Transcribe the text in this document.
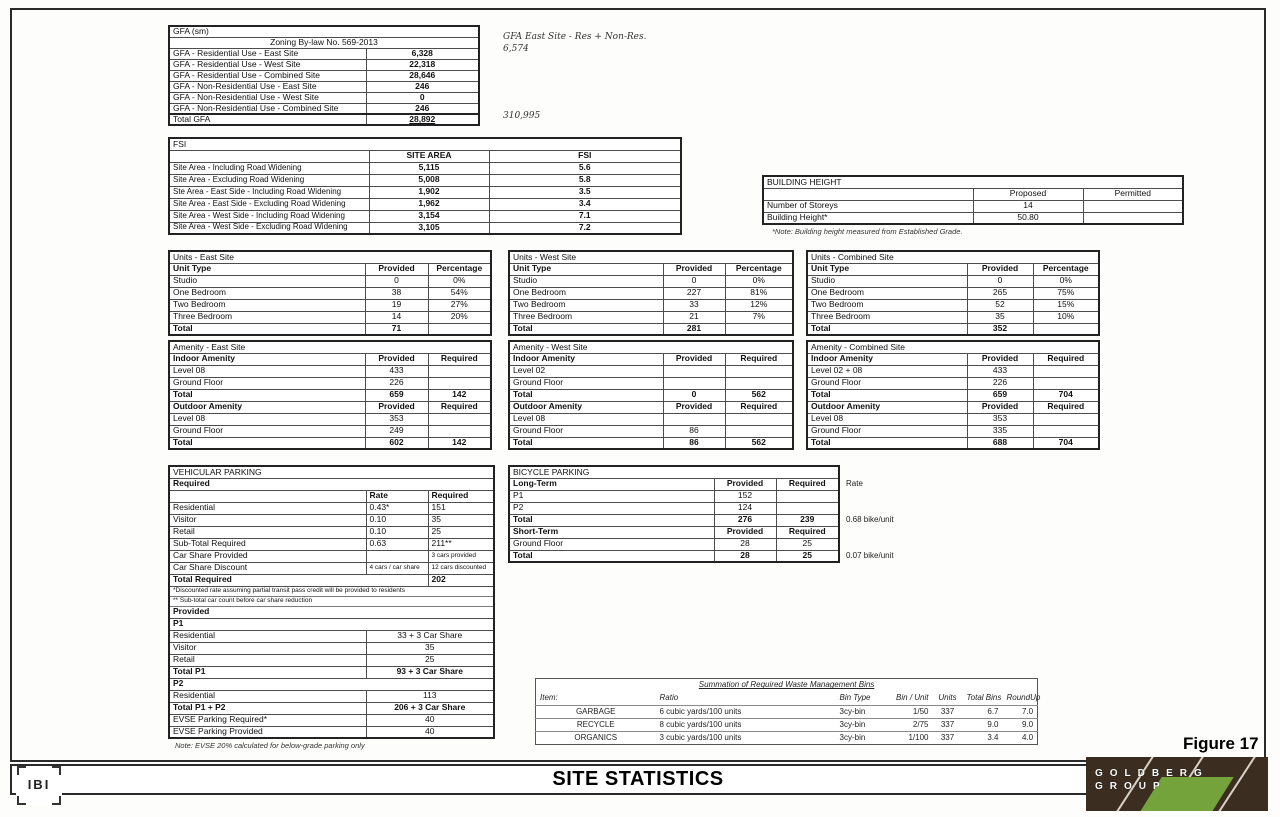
GFA (sm)	
Zoning By-law No. 569-2013	
GFA - Residential Use - East Site	6,328
GFA - Residential Use - West Site	22,318
GFA - Residential Use - Combined Site	28,646
GFA - Non-Residential Use - East Site	246
GFA - Non-Residential Use - West Site	0
GFA - Non-Residential Use - Combined Site	246
Total GFA	28,892
GFA East Site - Res + Non-Res.
6,574
310,995
FSI		
	SITE AREA	FSI
Site Area - Including Road Widening	5,115	5.6
Site Area - Excluding Road Widening	5,008	5.8
Ste Area - East Side - Including Road Widening	1,902	3.5
Site Area - East Side - Excluding Road Widening	1,962	3.4
Site Area - West Side - Including Road Widening	3,154	7.1
Site Area - West Side - Excluding Road Widening	3,105	7.2
BUILDING HEIGHT		
	Proposed	Permitted
Number of Storeys	14	
Building Height*	50.80	
*Note: Building height measured from Established Grade.
Units - East Site		
Unit Type	Provided	Percentage
Studio	0	0%
One Bedroom	38	54%
Two Bedroom	19	27%
Three Bedroom	14	20%
Total	71	
Units - West Site		
Unit Type	Provided	Percentage
Studio	0	0%
One Bedroom	227	81%
Two Bedroom	33	12%
Three Bedroom	21	7%
Total	281	
Units - Combined Site		
Unit Type	Provided	Percentage
Studio	0	0%
One Bedroom	265	75%
Two Bedroom	52	15%
Three Bedroom	35	10%
Total	352	
Amenity - East Site		
Indoor Amenity	Provided	Required
Level 08	433	
Ground Floor	226	
Total	659	142
Outdoor Amenity	Provided	Required
Level 08	353	
Ground Floor	249	
Total	602	142
Amenity - West Site		
Indoor Amenity	Provided	Required
Level 02		
Ground Floor		
Total	0	562
Outdoor Amenity	Provided	Required
Level 08		
Ground Floor	86	
Total	86	562
Amenity - Combined Site		
Indoor Amenity	Provided	Required
Level 02 + 08	433	
Ground Floor	226	
Total	659	704
Outdoor Amenity	Provided	Required
Level 08	353	
Ground Floor	335	
Total	688	704
VEHICULAR PARKING		
Required		
	Rate	Required
Residential	0.43*	151
Visitor	0.10	35
Retail	0.10	25
Sub-Total Required	0.63	211**
Car Share Provided		3 cars provided
Car Share Discount	4 cars / car share	12 cars discounted
Total Required		202
*Discounted rate assuming partial transit pass credit will be provided to residents		
** Sub-total car count before car share reduction		
Provided		
P1		
Residential	33 + 3 Car Share	
Visitor	35	
Retail	25	
Total P1	93 + 3 Car Share	
P2		
Residential	113	
Total P1 + P2	206 + 3 Car Share	
EVSE Parking Required*	40	
EVSE Parking Provided	40	
Note: EVSE 20% calculated for below-grade parking only
BICYCLE PARKING		
Long-Term	Provided	Required
P1	152	
P2	124	
Total	276	239
Short-Term	Provided	Required
Ground Floor	28	25
Total	28	25
Rate
0.68 bike/unit
0.07 bike/unit
Summation of Required Waste Management Bins						
Item:	Ratio	Bin Type	Bin / Unit	Units	Total Bins	RoundUp
GARBAGE	6 cubic yards/100 units	3cy-bin	1/50	337	6.7	7.0
RECYCLE	8 cubic yards/100 units	3cy-bin	2/75	337	9.0	9.0
ORGANICS	3 cubic yards/100 units	3cy-bin	1/100	337	3.4	4.0	Figure 17
SITE STATISTICS
IBI
GOLDBERG
GROUP
